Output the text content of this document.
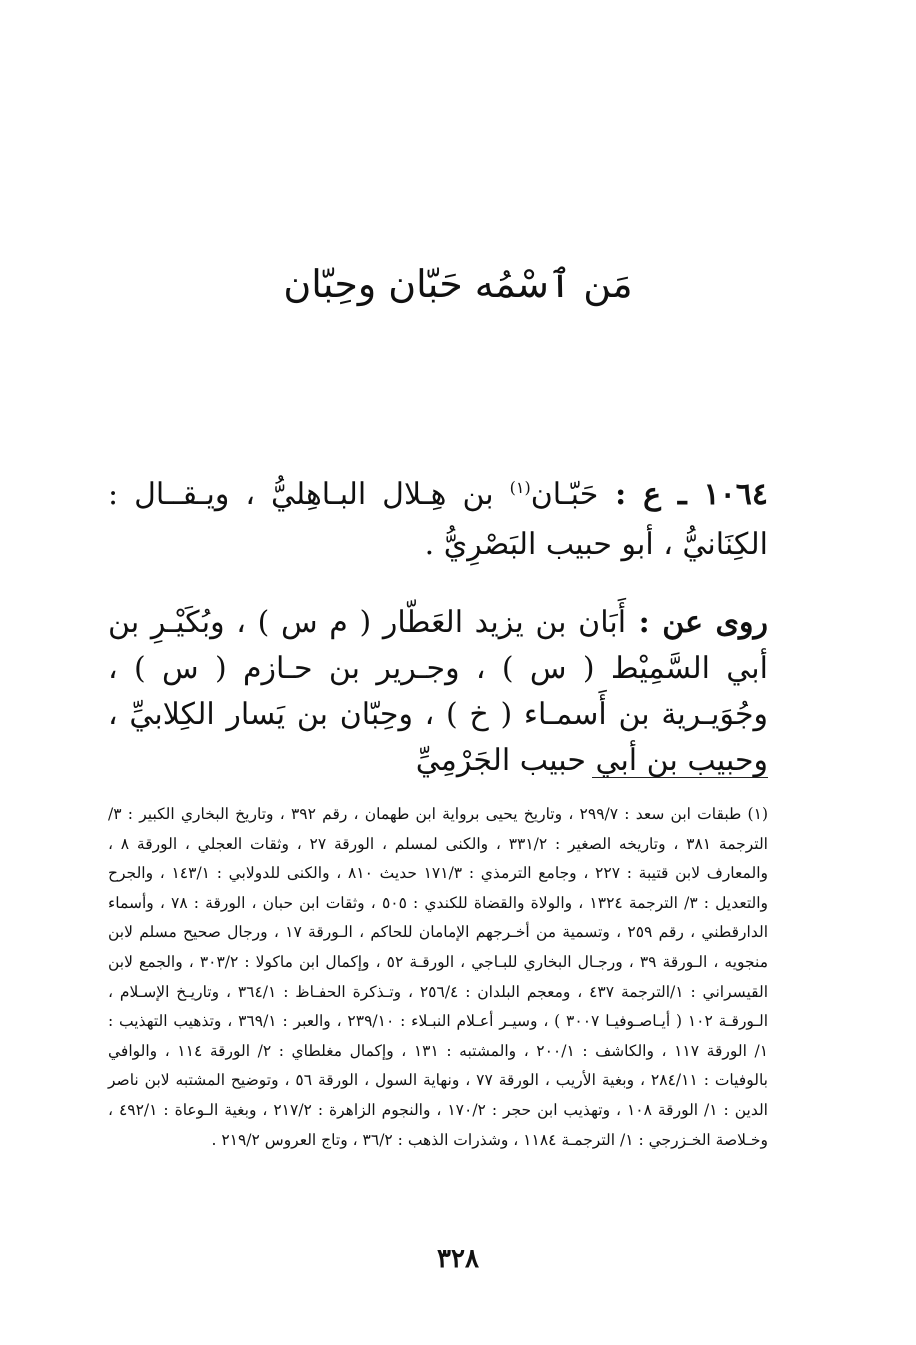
مَن ٱسْمُه حَبّان وحِبّان
١٠٦٤ ـ ع : حَبّـان$^{(١)}$ بن هِـلال البـاهِليُّ ، ويـقــال : الكِنَانيُّ ، أبو حبيب البَصْرِيُّ .
روى عن : أَبَان بن يزيد العَطّار ( م س ) ، وبُكَيْـرِ بن أبي السَّمِيْط ( س ) ، وجـرير بن حـازم ( س ) ، وجُوَيـرية بن أَسمـاء ( خ ) ، وحِبّان بن يَسار الكِلابيِّ ، وحبيب بن أبي حبيب الجَرْمِيِّ
(١) طبقات ابن سعد : ٢٩٩/٧ ، وتاريخ يحيى برواية ابن طهمان ، رقم ٣٩٢ ، وتاريخ البخاري الكبير : ٣/ الترجمة ٣٨١ ، وتاريخه الصغير : ٣٣١/٢ ، والكنى لمسلم ، الورقة ٢٧ ، وثقات العجلي ، الورقة ٨ ، والمعارف لابن قتيبة : ٢٢٧ ، وجامع الترمذي : ١٧١/٣ حديث ٨١٠ ، والكنى للدولابي : ١٤٣/١ ، والجرح والتعديل : ٣/ الترجمة ١٣٢٤ ، والولاة والقضاة للكندي : ٥٠٥ ، وثقات ابن حبان ، الورقة : ٧٨ ، وأسماء الدارقطني ، رقم ٢٥٩ ، وتسمية من أخـرجهم الإمامان للحاكم ، الـورقة ١٧ ، ورجال صحيح مسلم لابن منجويه ، الـورقة ٣٩ ، ورجـال البخاري للبـاجي ، الورقـة ٥٢ ، وإكمال ابن ماكولا : ٣٠٣/٢ ، والجمع لابن القيسراني : ١/الترجمة ٤٣٧ ، ومعجم البلدان : ٢٥٦/٤ ، وتـذكرة الحفـاظ : ٣٦٤/١ ، وتاريـخ الإسـلام ، الـورقـة ١٠٢ ( أيـاصـوفيـا ٣٠٠٧ ) ، وسيـر أعـلام النبـلاء : ٢٣٩/١٠ ، والعبر : ٣٦٩/١ ، وتذهيب التهذيب : ١/ الورقة ١١٧ ، والكاشف : ٢٠٠/١ ، والمشتبه : ١٣١ ، وإكمال مغلطاي : ٢/ الورقة ١١٤ ، والوافي بالوفيات : ٢٨٤/١١ ، وبغية الأريب ، الورقة ٧٧ ، ونهاية السول ، الورقة ٥٦ ، وتوضيح المشتبه لابن ناصر الدين : ١/ الورقة ١٠٨ ، وتهذيب ابن حجر : ١٧٠/٢ ، والنجوم الزاهرة : ٢١٧/٢ ، وبغية الـوعاة : ٤٩٢/١ ، وخـلاصة الخـزرجي : ١/ الترجمـة ١١٨٤ ، وشذرات الذهب : ٣٦/٢ ، وتاج العروس ٢١٩/٢ .
٣٢٨
